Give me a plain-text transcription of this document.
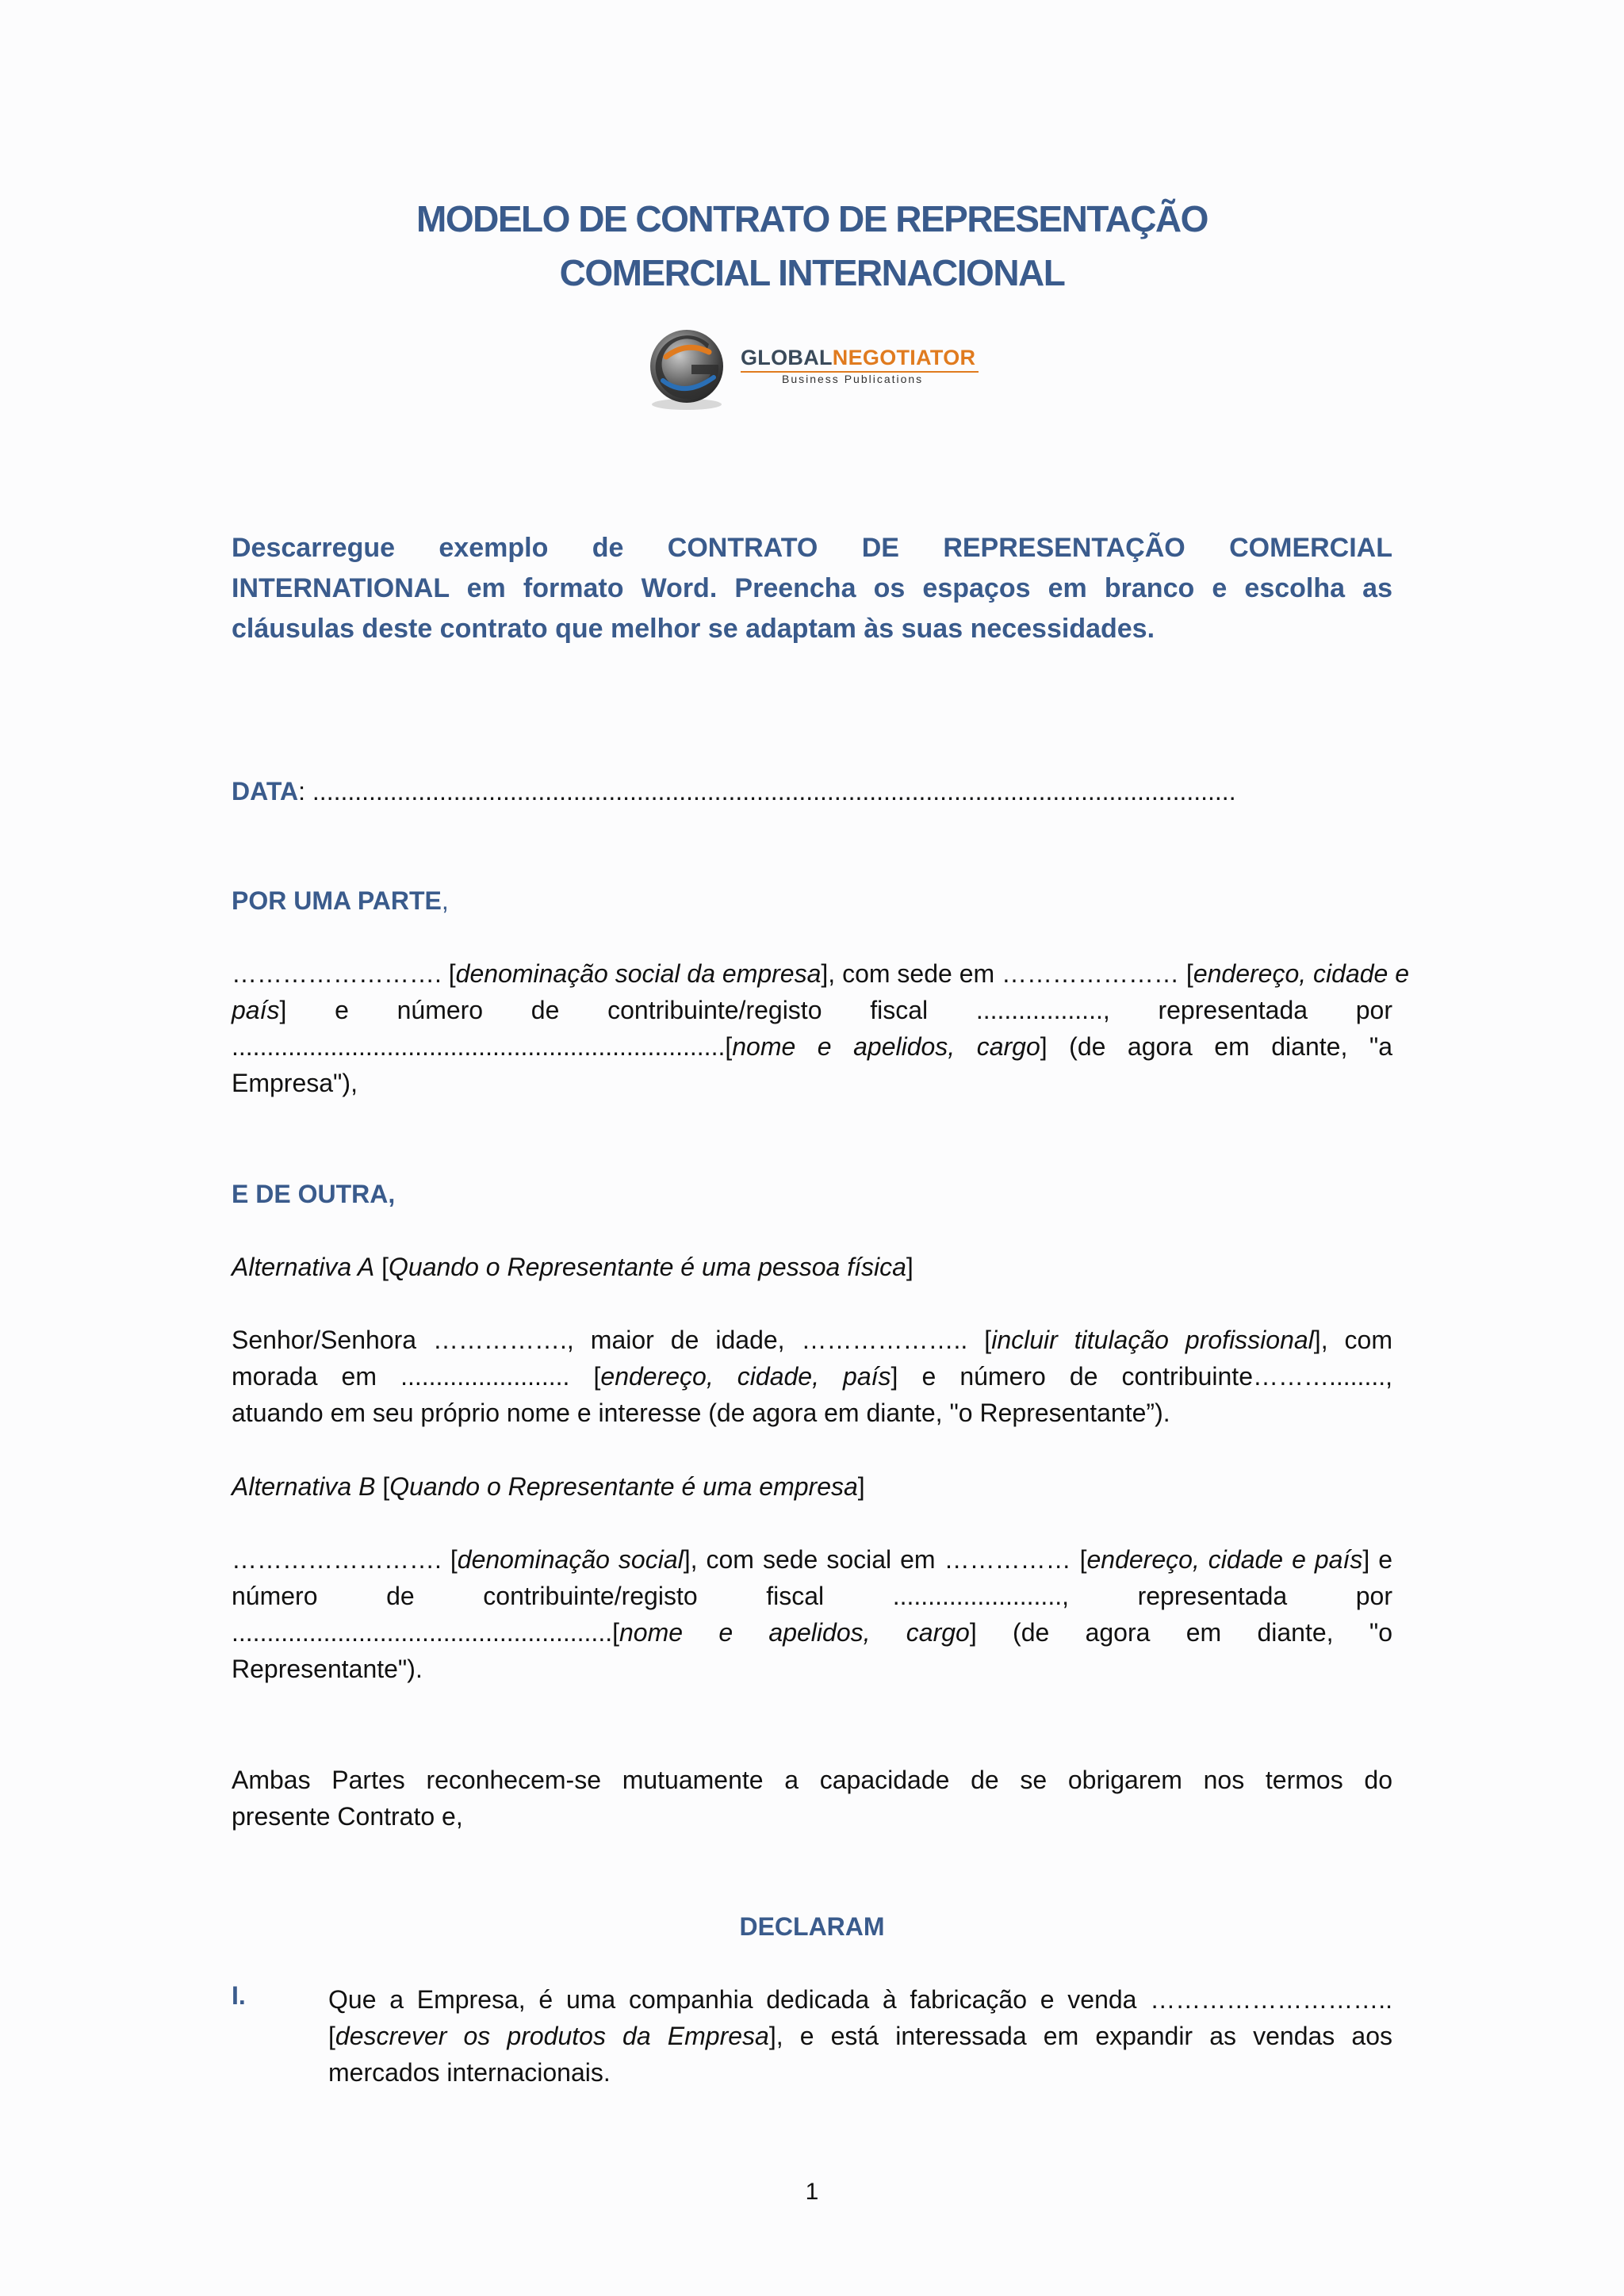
MODELO DE CONTRATO DE REPRESENTAÇÃO
COMERCIAL INTERNACIONAL
GLOBALNEGOTIATOR
Business Publications
Descarregue exemplo de CONTRATO DE REPRESENTAÇÃO COMERCIAL
INTERNATIONAL em formato Word. Preencha os espaços em branco e escolha as
cláusulas deste contrato que melhor se adaptam às suas necessidades.
DATA: ...................................................................................................................................
POR UMA PARTE,
……………………. [denominação social da empresa], com sede em ………………… [endereço, cidade e
país] e número de contribuinte/registo fiscal .................., representada por
......................................................................[nome e apelidos, cargo] (de agora em diante, "a
Empresa"),
E DE OUTRA,
Alternativa A [Quando o Representante é uma pessoa física]
Senhor/Senhora ……………., maior de idade, ……………….. [incluir titulação profissional], com
morada em ........................ [endereço, cidade, país] e número de contribuinte………........,
atuando em seu próprio nome e interesse (de agora em diante, "o Representante”).
Alternativa B [Quando o Representante é uma empresa]
……………………. [denominação social], com sede social em …………… [endereço, cidade e país] e
número de contribuinte/registo fiscal ........................, representada por
......................................................[nome e apelidos, cargo] (de agora em diante, "o
Representante").
Ambas Partes reconhecem-se mutuamente a capacidade de se obrigarem nos termos do
presente Contrato e,
DECLARAM
I.	Que a Empresa, é uma companhia dedicada à fabricação e venda ………………………..
[descrever os produtos da Empresa], e está interessada em expandir as vendas aos
mercados internacionais.
1
